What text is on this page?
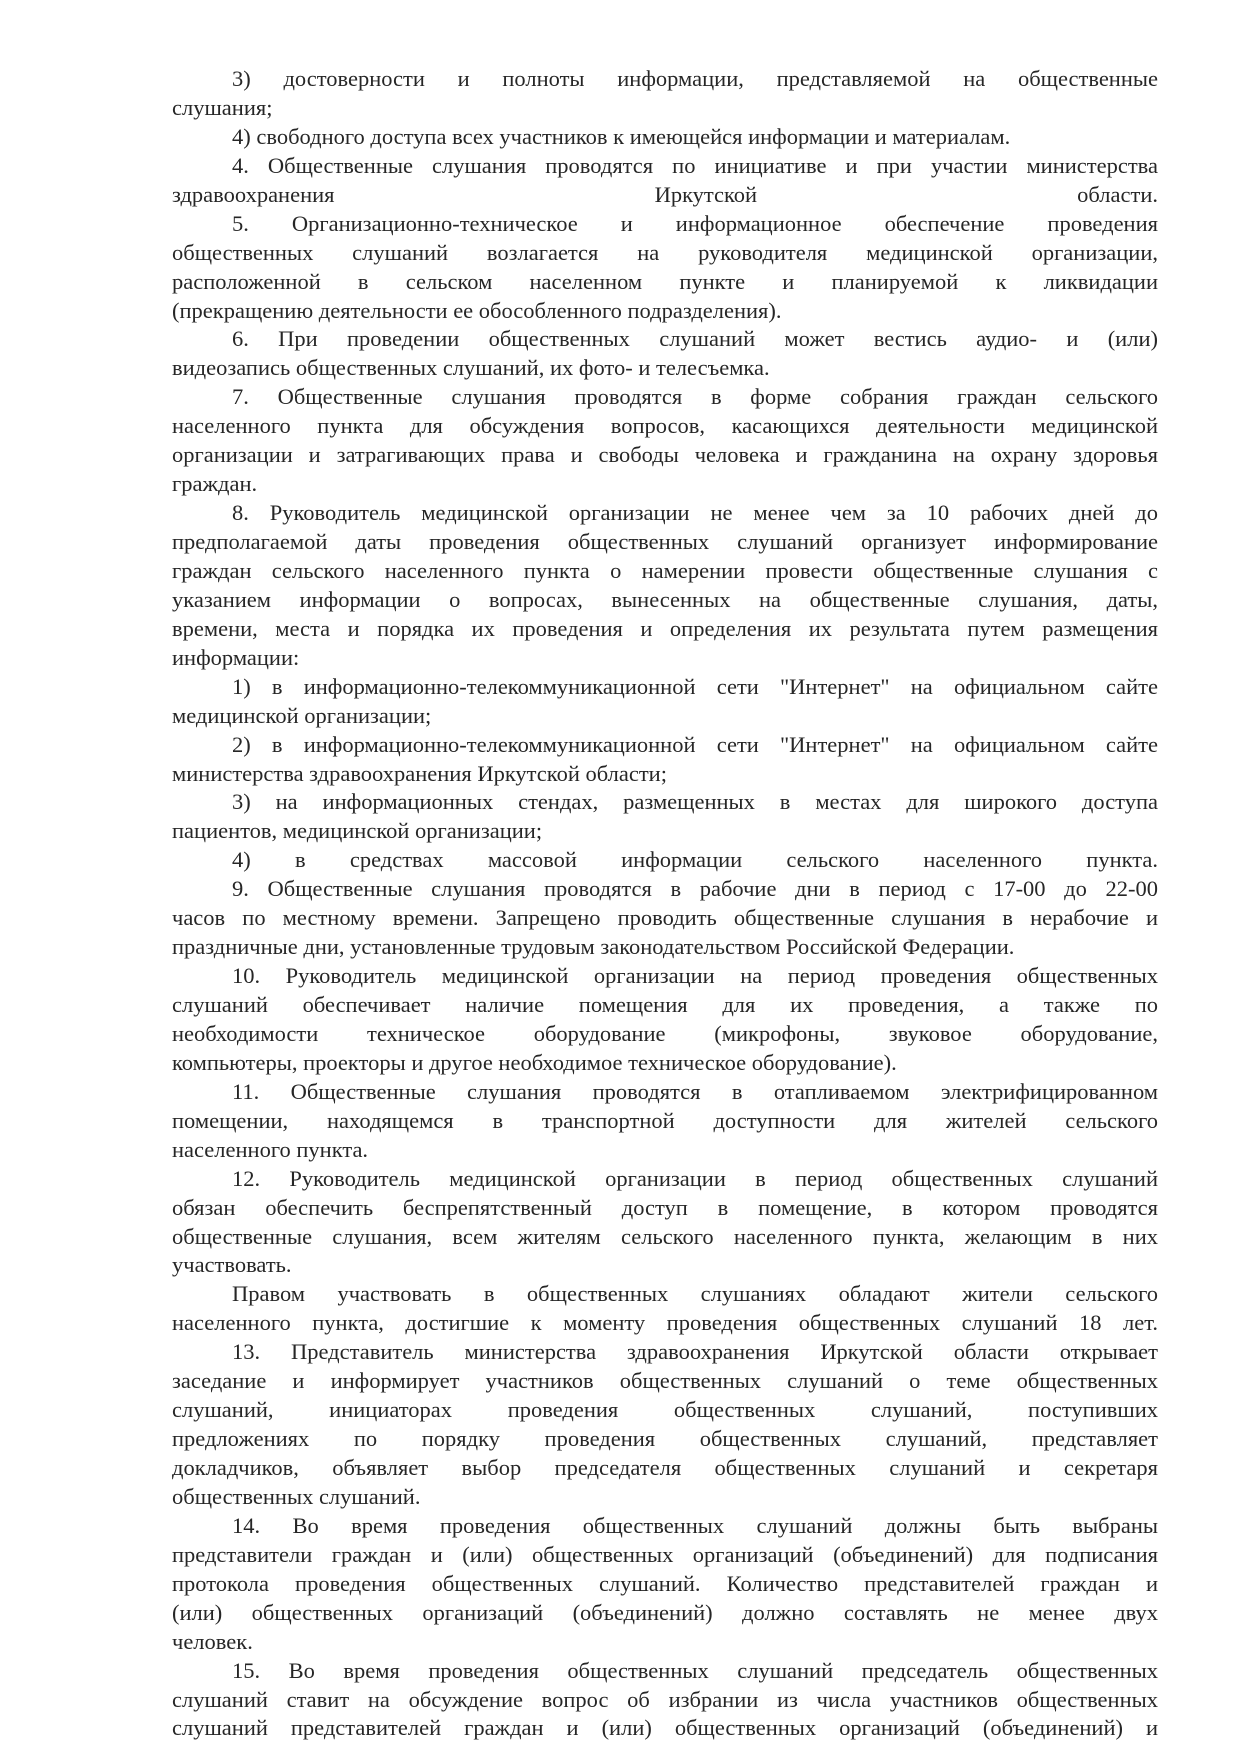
3) достоверности и полноты информации, представляемой на общественные
слушания;
4) свободного доступа всех участников к имеющейся информации и материалам.
4. Общественные слушания проводятся по инициативе и при участии министерства
здравоохранения Иркутской области.
5. Организационно-техническое и информационное обеспечение проведения
общественных слушаний возлагается на руководителя медицинской организации,
расположенной в сельском населенном пункте и планируемой к ликвидации
(прекращению деятельности ее обособленного подразделения).
6. При проведении общественных слушаний может вестись аудио- и (или)
видеозапись общественных слушаний, их фото- и телесъемка.
7. Общественные слушания проводятся в форме собрания граждан сельского
населенного пункта для обсуждения вопросов, касающихся деятельности медицинской
организации и затрагивающих права и свободы человека и гражданина на охрану здоровья
граждан.
8. Руководитель медицинской организации не менее чем за 10 рабочих дней до
предполагаемой даты проведения общественных слушаний организует информирование
граждан сельского населенного пункта о намерении провести общественные слушания с
указанием информации о вопросах, вынесенных на общественные слушания, даты,
времени, места и порядка их проведения и определения их результата путем размещения
информации:
1) в информационно-телекоммуникационной сети "Интернет" на официальном сайте
медицинской организации;
2) в информационно-телекоммуникационной сети "Интернет" на официальном сайте
министерства здравоохранения Иркутской области;
3) на информационных стендах, размещенных в местах для широкого доступа
пациентов, медицинской организации;
4) в средствах массовой информации сельского населенного пункта.
9. Общественные слушания проводятся в рабочие дни в период с 17-00 до 22-00
часов по местному времени. Запрещено проводить общественные слушания в нерабочие и
праздничные дни, установленные трудовым законодательством Российской Федерации.
10. Руководитель медицинской организации на период проведения общественных
слушаний обеспечивает наличие помещения для их проведения, а также по
необходимости техническое оборудование (микрофоны, звуковое оборудование,
компьютеры, проекторы и другое необходимое техническое оборудование).
11. Общественные слушания проводятся в отапливаемом электрифицированном
помещении, находящемся в транспортной доступности для жителей сельского
населенного пункта.
12. Руководитель медицинской организации в период общественных слушаний
обязан обеспечить беспрепятственный доступ в помещение, в котором проводятся
общественные слушания, всем жителям сельского населенного пункта, желающим в них
участвовать.
Правом участвовать в общественных слушаниях обладают жители сельского
населенного пункта, достигшие к моменту проведения общественных слушаний 18 лет.
13. Представитель министерства здравоохранения Иркутской области открывает
заседание и информирует участников общественных слушаний о теме общественных
слушаний, инициаторах проведения общественных слушаний, поступивших
предложениях по порядку проведения общественных слушаний, представляет
докладчиков, объявляет выбор председателя общественных слушаний и секретаря
общественных слушаний.
14. Во время проведения общественных слушаний должны быть выбраны
представители граждан и (или) общественных организаций (объединений) для подписания
протокола проведения общественных слушаний. Количество представителей граждан и
(или) общественных организаций (объединений) должно составлять не менее двух
человек.
15. Во время проведения общественных слушаний председатель общественных
слушаний ставит на обсуждение вопрос об избрании из числа участников общественных
слушаний представителей граждан и (или) общественных организаций (объединений) и
